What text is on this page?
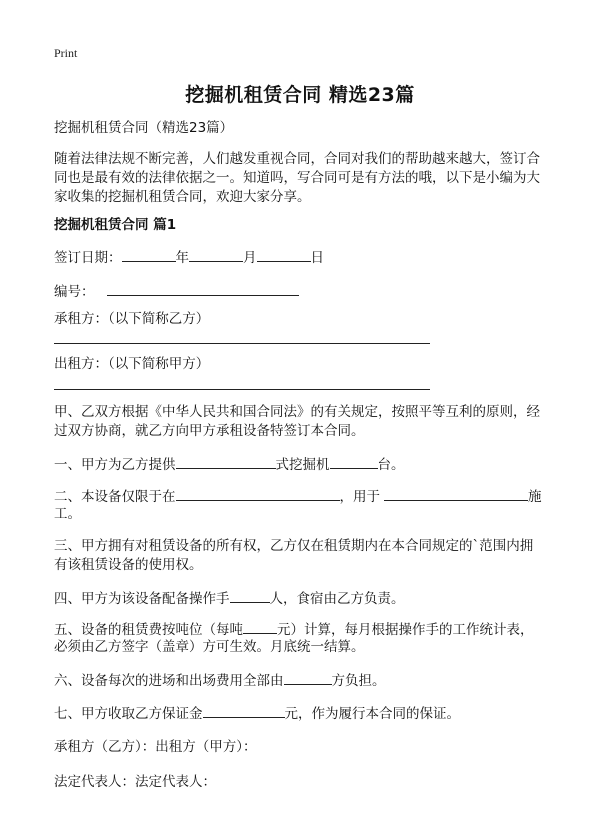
Print
挖掘机租赁合同 精选23篇
挖掘机租赁合同（精选23篇）
随着法律法规不断完善，人们越发重视合同，合同对我们的帮助越来越大，签订合
同也是最有效的法律依据之一。知道吗，写合同可是有方法的哦，以下是小编为大
家收集的挖掘机租赁合同，欢迎大家分享。
挖掘机租赁合同 篇1
签订日期：	年	月	日
编号：
承租方：（以下简称乙方）
出租方：（以下简称甲方）
甲、乙双方根据《中华人民共和国合同法》的有关规定，按照平等互利的原则，经
过双方协商，就乙方向甲方承租设备特签订本合同。
一、甲方为乙方提供	式挖掘机	台。
二、本设备仅限于在	，用于	施
工。
三、甲方拥有对租赁设备的所有权，乙方仅在租赁期内在本合同规定的`范围内拥
有该租赁设备的使用权。
四、甲方为该设备配备操作手	人，食宿由乙方负责。
五、设备的租赁费按吨位（每吨	元）计算，每月根据操作手的工作统计表，
必须由乙方签字（盖章）方可生效。月底统一结算。
六、设备每次的进场和出场费用全部由	方负担。
七、甲方收取乙方保证金	元，作为履行本合同的保证。
承租方（乙方）：出租方（甲方）：
法定代表人：法定代表人：
